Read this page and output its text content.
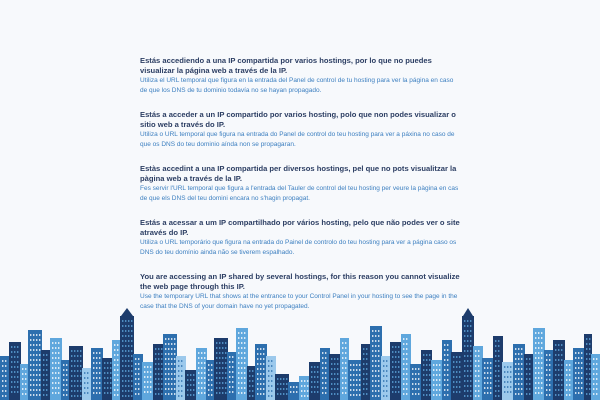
Estás accediendo a una IP compartida por varios hostings, por lo que no puedes visualizar la página web a través de la IP.
Utiliza el URL temporal que figura en la entrada del Panel de control de tu hosting para ver la página en caso de que los DNS de tu dominio todavía no se hayan propagado.
Estás a acceder a un IP compartido por varios hosting, polo que non podes visualizar o sitio web a través do IP.
Utiliza o URL temporal que figura na entrada do Panel de control do teu hosting para ver a páxina no caso de que os DNS do teu dominio aínda non se propagaran.
Estàs accedint a una IP compartida per diversos hostings, pel que no pots visualitzar la pàgina web a través de la IP.
Fes servir l'URL temporal que figura a l'entrada del Tauler de control del teu hosting per veure la pàgina en cas de que els DNS del teu domini encara no s'hagin propagat.
Estás a acessar a um IP compartilhado por vários hosting, pelo que não podes ver o site através do IP.
Utiliza o URL temporário que figura na entrada do Painel de controlo do teu hosting para ver a página caso os DNS do teu domínio ainda não se tiverem espalhado.
You are accessing an IP shared by several hostings, for this reason you cannot visualize the web page through this IP.
Use the temporary URL that shows at the entrance to your Control Panel in your hosting to see the page in the case that the DNS of your domain have no yet propagated.
